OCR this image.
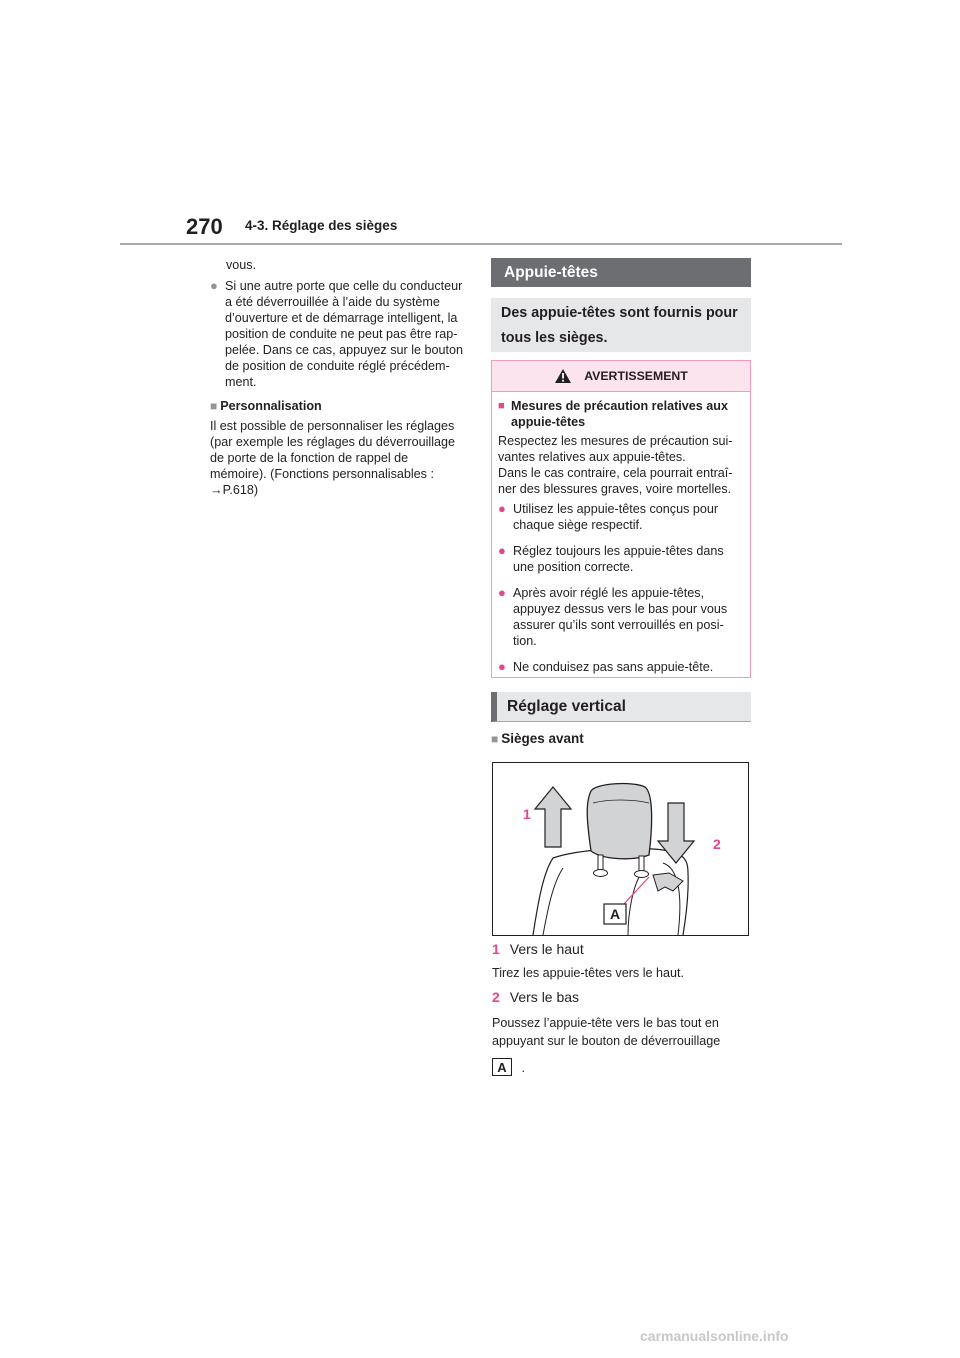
270 4-3. Réglage des sièges
vous.
● Si une autre porte que celle du conducteur
a été déverrouillée à l’aide du système
d’ouverture et de démarrage intelligent, la
position de conduite ne peut pas être rap-
pelée. Dans ce cas, appuyez sur le bouton
de position de conduite réglé précédem-
ment.
■ Personnalisation
Il est possible de personnaliser les réglages
(par exemple les réglages du déverrouillage
de porte de la fonction de rappel de
mémoire). (Fonctions personnalisables :
→P.618)
Appuie-têtes
Des appuie-têtes sont fournis pour
tous les sièges.
AVERTISSEMENT
■ Mesures de précaution relatives aux
appuie-têtes
Respectez les mesures de précaution sui-
vantes relatives aux appuie-têtes.
Dans le cas contraire, cela pourrait entraî-
ner des blessures graves, voire mortelles.
● Utilisez les appuie-têtes conçus pour
chaque siège respectif.
● Réglez toujours les appuie-têtes dans
une position correcte.
● Après avoir réglé les appuie-têtes,
appuyez dessus vers le bas pour vous
assurer qu’ils sont verrouillés en posi-
tion.
● Ne conduisez pas sans appuie-tête.
Réglage vertical
■ Sièges avant
A
1
2
1 Vers le haut
Tirez les appuie-têtes vers le haut.
2 Vers le bas
Poussez l’appuie-tête vers le bas tout en
appuyant sur le bouton de déverrouillage
A .
carmanualsonline.info
